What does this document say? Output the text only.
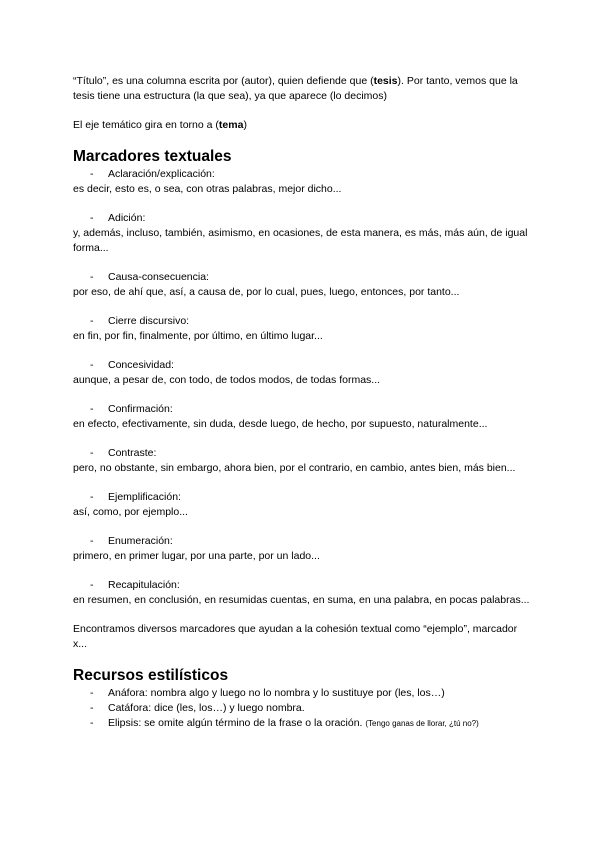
“Título”, es una columna escrita por (autor), quien defiende que (tesis). Por tanto, vemos que la tesis tiene una estructura (la que sea), ya que aparece (lo decimos)

El eje temático gira en torno a (tema)

Marcadores textuales
- Aclaración/explicación:

es decir, esto es, o sea, con otras palabras, mejor dicho...

- Adición:

y, además, incluso, también, asimismo, en ocasiones, de esta manera, es más, más aún, de igual forma...

- Causa-consecuencia:

por eso, de ahí que, así, a causa de, por lo cual, pues, luego, entonces, por tanto...

- Cierre discursivo:

en fin, por fin, finalmente, por último, en último lugar...

- Concesividad:

aunque, a pesar de, con todo, de todos modos, de todas formas...

- Confirmación:

en efecto, efectivamente, sin duda, desde luego, de hecho, por supuesto, naturalmente...

- Contraste:

pero, no obstante, sin embargo, ahora bien, por el contrario, en cambio, antes bien, más bien...

- Ejemplificación:

así, como, por ejemplo...

- Enumeración:

primero, en primer lugar, por una parte, por un lado...

- Recapitulación:

en resumen, en conclusión, en resumidas cuentas, en suma, en una palabra, en pocas palabras...

Encontramos diversos marcadores que ayudan a la cohesión textual como “ejemplo”, marcador x...

Recursos estilísticos
- Anáfora: nombra algo y luego no lo nombra y lo sustituye por (les, los…)
- Catáfora: dice (les, los…) y luego nombra.
- Elipsis: se omite algún término de la frase o la oración. (Tengo ganas de llorar, ¿tú no?)
